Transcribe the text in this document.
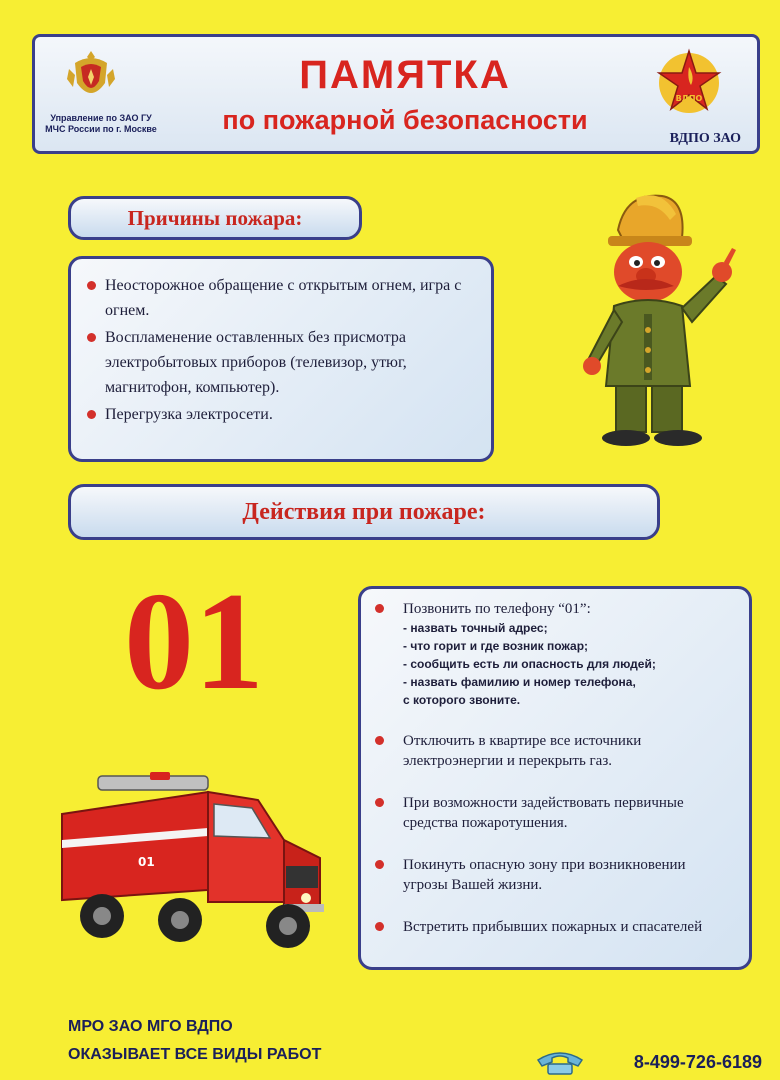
Управление по ЗАО ГУ МЧС России по г. Москве
ПАМЯТКА
по пожарной безопасности
ВДПО
ВДПО ЗАО
Причины пожара:
Неосторожное обращение с открытым огнем, игра с огнем.
Воспламенение оставленных без присмотра электробытовых приборов (телевизор, утюг, магнитофон, компьютер).
Перегрузка электросети.
Действия при пожаре:
01	Позвонить по телефону “01”:
- назвать точный адрес;
- что горит и где возник пожар;
- сообщить есть ли опасность для людей;
- назвать фамилию и номер телефона,
с которого звоните.
Отключить в квартире все источники электроэнергии и перекрыть газ.
При возможности задействовать первичные средства пожаротушения.
Покинуть опасную зону при возникновении угрозы Вашей жизни.
Встретить прибывших пожарных и спасателей
01
МРО ЗАО МГО ВДПО
ОКАЗЫВАЕТ ВСЕ ВИДЫ РАБОТ	8-499-726-6189
